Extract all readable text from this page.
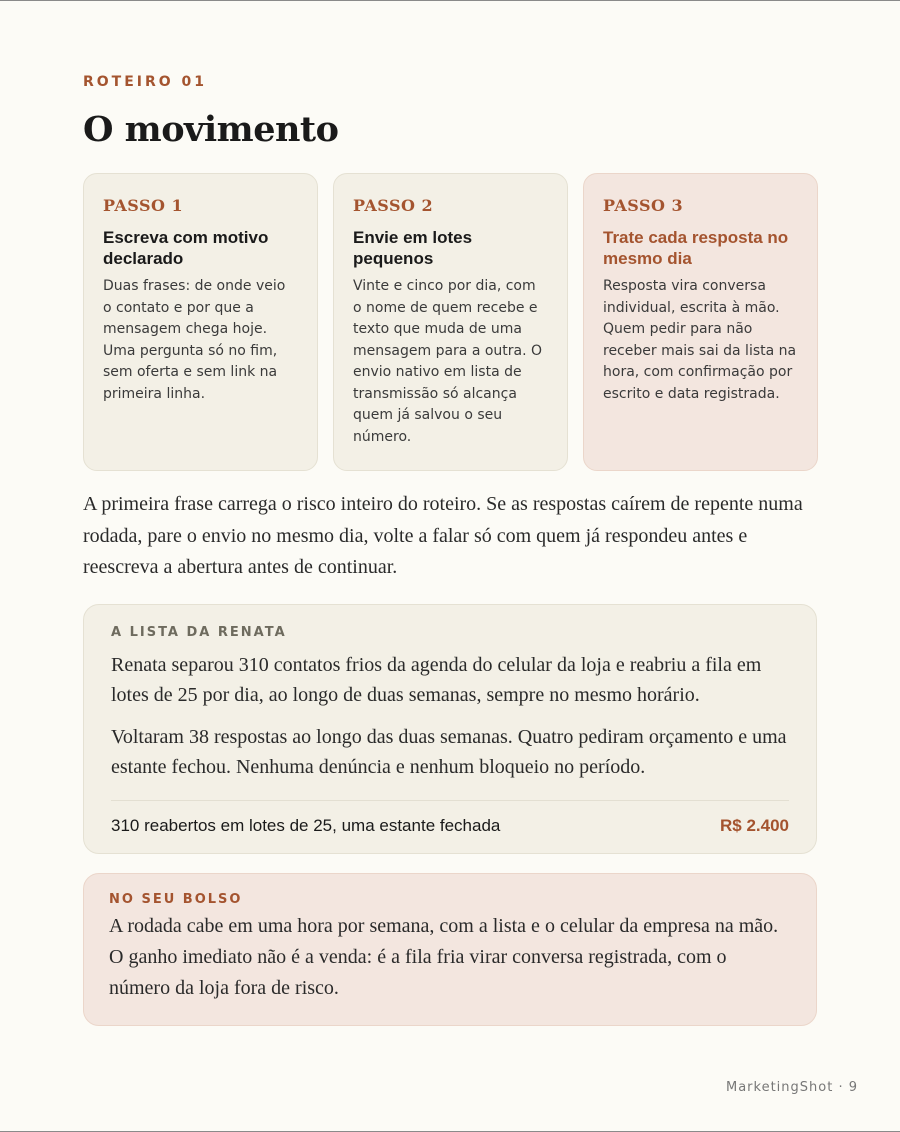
ROTEIRO 01
O movimento
PASSO 1
Escreva com motivo declarado
Duas frases: de onde veio o contato e por que a mensagem chega hoje. Uma pergunta só no fim, sem oferta e sem link na primeira linha.
PASSO 2
Envie em lotes pequenos
Vinte e cinco por dia, com o nome de quem recebe e texto que muda de uma mensagem para a outra. O envio nativo em lista de transmissão só alcança quem já salvou o seu número.
PASSO 3
Trate cada resposta no mesmo dia
Resposta vira conversa individual, escrita à mão. Quem pedir para não receber mais sai da lista na hora, com confirmação por escrito e data registrada.

A primeira frase carrega o risco inteiro do roteiro. Se as respostas caírem de repente numa rodada, pare o envio no mesmo dia, volte a falar só com quem já respondeu antes e reescreva a abertura antes de continuar.

A LISTA DA RENATA

Renata separou 310 contatos frios da agenda do celular da loja e reabriu a fila em lotes de 25 por dia, ao longo de duas semanas, sempre no mesmo horário.

Voltaram 38 respostas ao longo das duas semanas. Quatro pediram orçamento e uma estante fechou. Nenhuma denúncia e nenhum bloqueio no período.

310 reabertos em lotes de 25, uma estante fechada	R$ 2.400
NO SEU BOLSO

A rodada cabe em uma hora por semana, com a lista e o celular da empresa na mão. O ganho imediato não é a venda: é a fila fria virar conversa registrada, com o número da loja fora de risco.

MarketingShot · 9
